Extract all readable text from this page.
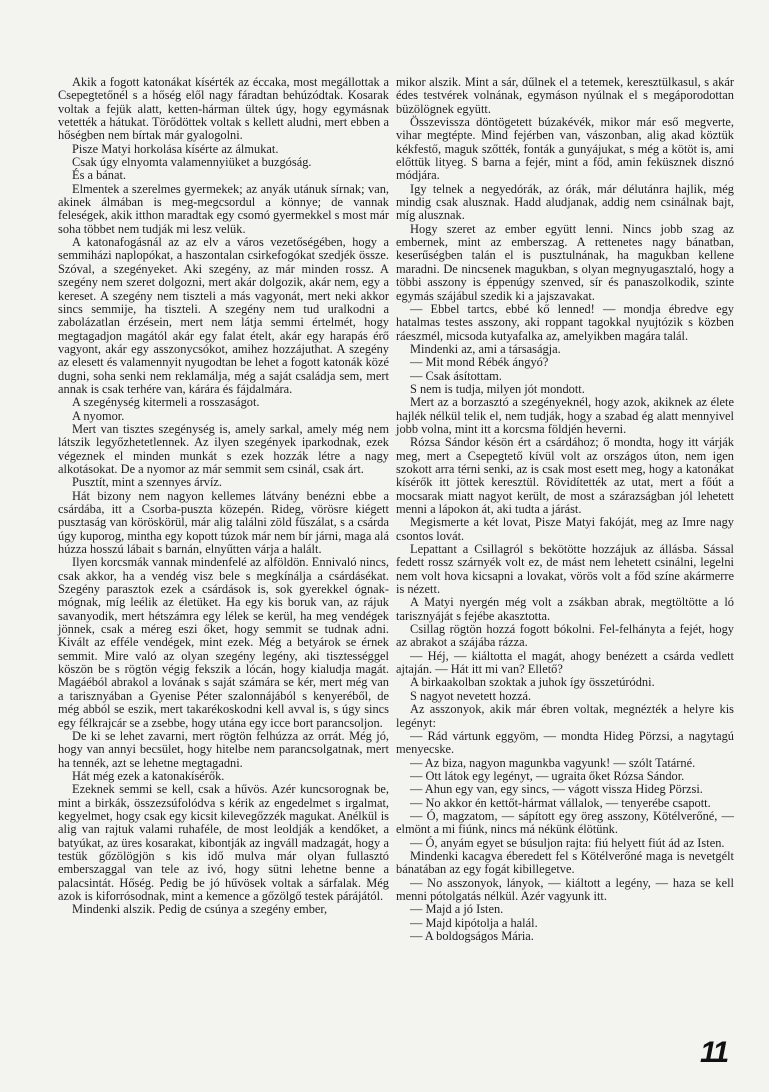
Akik a fogott katonákat kísérték az éccaka, most megállottak a Csepegtetőnél s a hőség elől nagy fáradtan behúzódtak. Kosarak voltak a fejük alatt, ketten-hárman ültek úgy, hogy egymásnak vetették a hátukat. Törődöttek voltak s kellett aludni, mert ebben a hőségben nem bírtak már gyalogolni.

Pisze Matyi horkolása kísérte az álmukat.

Csak úgy elnyomta valamennyiüket a buzgóság.

És a bánat.

Elmentek a szerelmes gyermekek; az anyák utánuk sírnak; van, akinek álmában is meg-megcsordul a könnye; de vannak feleségek, akik itthon maradtak egy csomó gyermekkel s most már soha többet nem tudják mi lesz velük.

A katonafogásnál az az elv a város vezetőségében, hogy a semmiházi naplopókat, a haszontalan csirkefogókat szedjék össze. Szóval, a szegényeket. Aki szegény, az már minden rossz. A szegény nem szeret dolgozni, mert akár dolgozik, akár nem, egy a kereset. A szegény nem tiszteli a más vagyonát, mert neki akkor sincs semmije, ha tiszteli. A szegény nem tud uralkodni a zabolázatlan érzésein, mert nem látja semmi értelmét, hogy megtagadjon magától akár egy falat ételt, akár egy harapás érő vagyont, akár egy asszonycsókot, amihez hozzájuthat. A szegény az elesett és valamennyit nyugodtan be lehet a fogott katonák közé dugni, soha senki nem reklamálja, még a saját családja sem, mert annak is csak terhére van, kárára és fájdalmára.

A szegénység kitermeli a rosszaságot.

A nyomor.

Mert van tisztes szegénység is, amely sarkal, amely még nem látszik legyőzhetetlennek. Az ilyen szegények iparkodnak, ezek végeznek el minden munkát s ezek hozzák létre a nagy alkotásokat. De a nyomor az már semmit sem csinál, csak árt.

Pusztít, mint a szennyes árvíz.

Hát bizony nem nagyon kellemes látvány benézni ebbe a csárdába, itt a Csorba-puszta közepén. Rideg, vörösre kiégett pusztaság van köröskörül, már alig találni zöld fűszálat, s a csárda úgy kuporog, mintha egy kopott túzok már nem bír járni, maga alá húzza hosszú lábait s barnán, elnyűtten várja a halált.

Ilyen korcsmák vannak mindenfelé az alföldön. Ennivaló nincs, csak akkor, ha a vendég visz bele s megkínálja a csárdásékat. Szegény parasztok ezek a csárdások is, sok gyerekkel ógnak-mógnak, míg leélik az életüket. Ha egy kis boruk van, az rájuk savanyodik, mert hétszámra egy lélek se kerül, ha meg vendégek jönnek, csak a méreg eszi őket, hogy semmit se tudnak adni. Kivált az efféle vendégek, mint ezek. Még a betyárok se érnek semmit. Mire való az olyan szegény legény, aki tisztességgel köszön be s rögtön végig fekszik a lócán, hogy kialudja magát. Magáéból abrakol a lovának s saját számára se kér, mert még van a tarisznyában a Gyenise Péter szalonnájából s kenyeréből, de még abból se eszik, mert takarékoskodni kell avval is, s úgy sincs egy félkrajcár se a zsebbe, hogy utána egy icce bort parancsoljon.

De ki se lehet zavarni, mert rögtön felhúzza az orrát. Még jó, hogy van annyi becsület, hogy hitelbe nem parancsolgatnak, mert ha tennék, azt se lehetne megtagadni.

Hát még ezek a katonakísérők.

Ezeknek semmi se kell, csak a hűvös. Azér kuncsorognak be, mint a birkák, összezsúfolódva s kérik az engedelmet s irgalmat, kegyelmet, hogy csak egy kicsit kilevegőzzék magukat. Anélkül is alig van rajtuk valami ruhaféle, de most leoldják a kendőket, a batyúkat, az üres kosarakat, kibontják az ingváll madzagát, hogy a testük gőzölögjön s kis idő mulva már olyan fullasztó emberszaggal van tele az ivó, hogy sütni lehetne benne a palacsintát. Hőség. Pedig be jó hűvösek voltak a sárfalak. Még azok is kiforrósodnak, mint a kemence a gőzölgő testek párájától.

Mindenki alszik. Pedig de csúnya a szegény ember,

mikor alszik. Mint a sár, dűlnek el a tetemek, keresztülkasul, s akár édes testvérek volnának, egymáson nyúlnak el s megáporodottan büzölögnek együtt.

Összevissza döntögetett búzakévék, mikor már eső megverte, vihar megtépte. Mind fejérben van, vászonban, alig akad köztük kékfestő, maguk szőtték, fonták a gunyájukat, s még a kötöt is, ami előttük lityeg. S barna a fejér, mint a főd, amin feküsznek disznó módjára.

Igy telnek a negyedórák, az órák, már délutánra hajlik, még mindig csak alusznak. Hadd aludjanak, addig nem csinálnak bajt, míg alusznak.

Hogy szeret az ember együtt lenni. Nincs jobb szag az embernek, mint az emberszag. A rettenetes nagy bánatban, keserűségben talán el is pusztulnának, ha magukban kellene maradni. De nincsenek magukban, s olyan megnyugasztaló, hogy a többi asszony is éppenúgy szenved, sír és panaszolkodik, szinte egymás szájábul szedik ki a jajszavakat.

— Ebbel tartcs, ebbé kő lenned! — mondja ébredve egy hatalmas testes asszony, aki roppant tagokkal nyujtózik s közben ráeszmél, micsoda kutyafalka az, amelyikben magára talál.

Mindenki az, ami a társaságja.

— Mit mond Rébék ángyó?

— Csak ásítottam.

S nem is tudja, milyen jót mondott.

Mert az a borzasztó a szegényeknél, hogy azok, akiknek az élete hajlék nélkül telik el, nem tudják, hogy a szabad ég alatt mennyivel jobb volna, mint itt a korcsma földjén heverni.

Rózsa Sándor késön ért a csárdához; ő mondta, hogy itt várják meg, mert a Csepegtető kívül volt az országos úton, nem igen szokott arra térni senki, az is csak most esett meg, hogy a katonákat kísérők itt jöttek keresztül. Rövidítették az utat, mert a főút a mocsarak miatt nagyot került, de most a szárazságban jól lehetett menni a lápokon át, aki tudta a járást.

Megismerte a két lovat, Pisze Matyi fakóját, meg az Imre nagy csontos lovát.

Lepattant a Csillagról s bekötötte hozzájuk az állásba. Sással fedett rossz szárnyék volt ez, de mást nem lehetett csinálni, legelni nem volt hova kicsapni a lovakat, vörös volt a főd színe akármerre is nézett.

A Matyi nyergén még volt a zsákban abrak, megtöltötte a ló tarisznyáját s fejébe akasztotta.

Csillag rögtön hozzá fogott bókolni. Fel-felhányta a fejét, hogy az abrakot a szájába rázza.

— Héj, — kiáltotta el magát, ahogy benézett a csárda vedlett ajtaján. — Hát itt mi van? Ellető?

A birkaakolban szoktak a juhok így összetúródni.

S nagyot nevetett hozzá.

Az asszonyok, akik már ébren voltak, megnézték a helyre kis legényt:

— Rád vártunk eggyöm, — mondta Hideg Pörzsi, a nagytagú menyecske.

— Az biza, nagyon magunkba vagyunk! — szólt Tatárné.

— Ott látok egy legényt, — ugraita őket Rózsa Sándor.

— Ahun egy van, egy sincs, — vágott vissza Hideg Pörzsi.

— No akkor én kettőt-hármat vállalok, — tenyerébe csapott.

— Ó, magzatom, — sápított egy öreg asszony, Kötélverőné, — elmönt a mi fiúnk, nincs má nékünk élötünk.

— Ó, anyám egyet se búsuljon rajta: fiú helyett fiút ád az Isten.

Mindenki kacagva éberedett fel s Kötélverőné maga is nevetgélt bánatában az egy fogát kibillegetve.

— No asszonyok, lányok, — kiáltott a legény, — haza se kell menni pótolgatás nélkül. Azér vagyunk itt.

— Majd a jó Isten.

— Majd kipótolja a halál.

— A boldogságos Mária.

11
